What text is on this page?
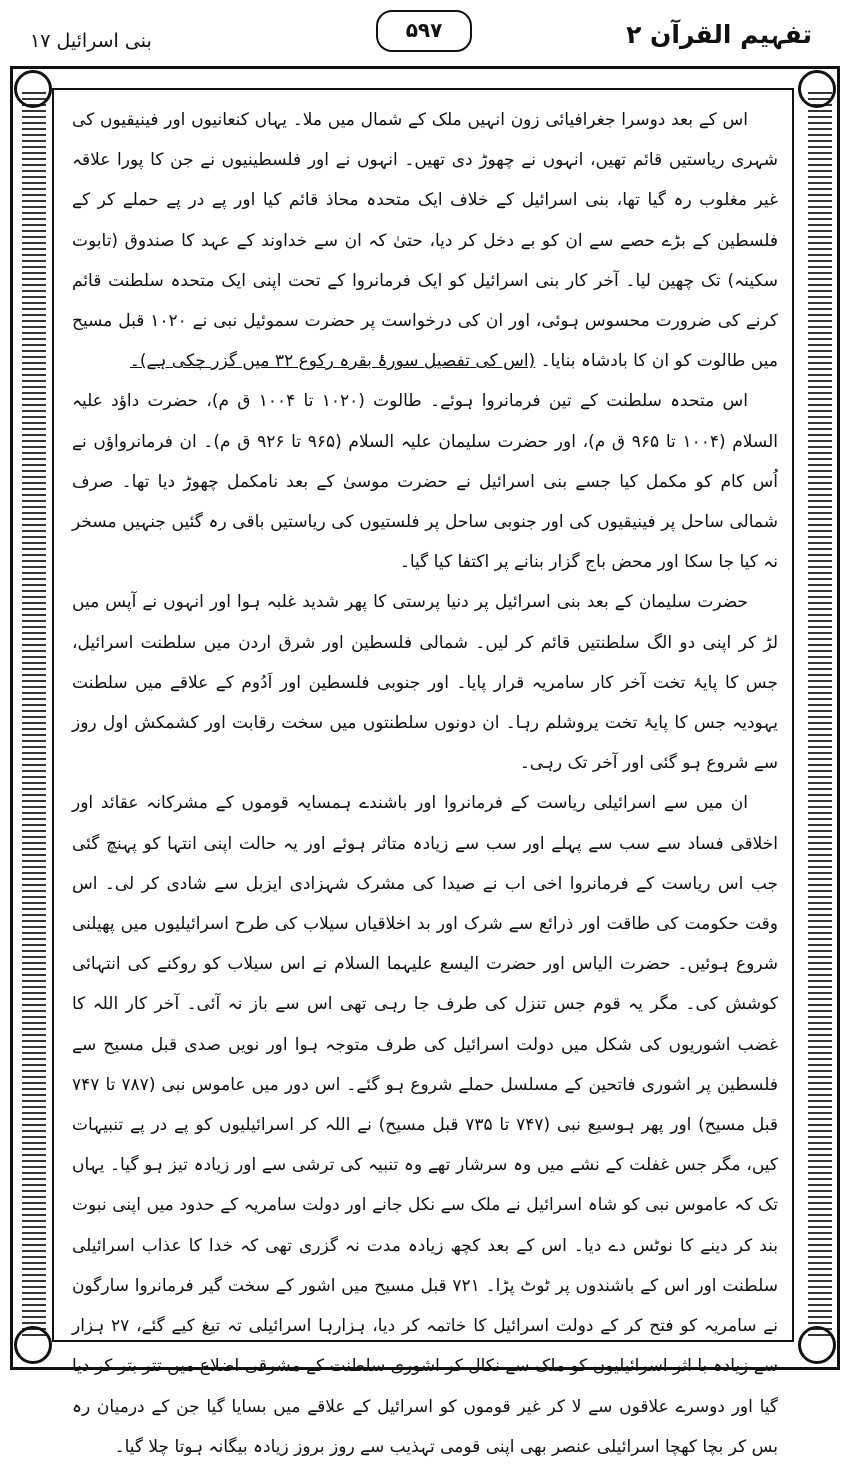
بنی اسرائیل ۱۷	۵۹۷	تفہیم القرآن ۲

اس کے بعد دوسرا جغرافیائی زون انہیں ملک کے شمال میں ملا۔ یہاں کنعانیوں اور فینیقیوں کی شہری ریاستیں قائم تھیں، انہوں نے چھوڑ دی تھیں۔ انہوں نے اور فلسطینیوں نے جن کا پورا علاقہ غیر مغلوب رہ گیا تھا، بنی اسرائیل کے خلاف ایک متحدہ محاذ قائم کیا اور پے در پے حملے کر کے فلسطین کے بڑے حصے سے ان کو بے دخل کر دیا، حتیٰ کہ ان سے خداوند کے عہد کا صندوق (تابوت سکینہ) تک چھین لیا۔ آخر کار بنی اسرائیل کو ایک فرمانروا کے تحت اپنی ایک متحدہ سلطنت قائم کرنے کی ضرورت محسوس ہوئی، اور ان کی درخواست پر حضرت سموئیل نبی نے ۱۰۲۰ قبل مسیح میں طالوت کو ان کا بادشاہ بنایا۔ (اس کی تفصیل سورۂ بقرہ رکوع ۳۲ میں گزر چکی ہے)۔

اس متحدہ سلطنت کے تین فرمانروا ہوئے۔ طالوت (۱۰۲۰ تا ۱۰۰۴ ق م)، حضرت داؤد علیہ السلام (۱۰۰۴ تا ۹۶۵ ق م)، اور حضرت سلیمان علیہ السلام (۹۶۵ تا ۹۲۶ ق م)۔ ان فرمانرواؤں نے اُس کام کو مکمل کیا جسے بنی اسرائیل نے حضرت موسیٰ کے بعد نامکمل چھوڑ دیا تھا۔ صرف شمالی ساحل پر فینیقیوں کی اور جنوبی ساحل پر فلستیوں کی ریاستیں باقی رہ گئیں جنہیں مسخر نہ کیا جا سکا اور محض باج گزار بنانے پر اکتفا کیا گیا۔

حضرت سلیمان کے بعد بنی اسرائیل پر دنیا پرستی کا پھر شدید غلبہ ہوا اور انہوں نے آپس میں لڑ کر اپنی دو الگ سلطنتیں قائم کر لیں۔ شمالی فلسطین اور شرق اردن میں سلطنت اسرائیل، جس کا پایۂ تخت آخر کار سامریہ قرار پایا۔ اور جنوبی فلسطین اور اَدُوم کے علاقے میں سلطنت یہودیہ جس کا پایۂ تخت یروشلم رہا۔ ان دونوں سلطنتوں میں سخت رقابت اور کشمکش اول روز سے شروع ہو گئی اور آخر تک رہی۔

ان میں سے اسرائیلی ریاست کے فرمانروا اور باشندے ہمسایہ قوموں کے مشرکانہ عقائد اور اخلاقی فساد سے سب سے پہلے اور سب سے زیادہ متاثر ہوئے اور یہ حالت اپنی انتہا کو پہنچ گئی جب اس ریاست کے فرمانروا اخی اب نے صیدا کی مشرک شہزادی ایزبل سے شادی کر لی۔ اس وقت حکومت کی طاقت اور ذرائع سے شرک اور بد اخلاقیاں سیلاب کی طرح اسرائیلیوں میں پھیلنی شروع ہوئیں۔ حضرت الیاس اور حضرت الیسع علیہما السلام نے اس سیلاب کو روکنے کی انتہائی کوشش کی۔ مگر یہ قوم جس تنزل کی طرف جا رہی تھی اس سے باز نہ آئی۔ آخر کار اللہ کا غضب اشوریوں کی شکل میں دولت اسرائیل کی طرف متوجہ ہوا اور نویں صدی قبل مسیح سے فلسطین پر اشوری فاتحین کے مسلسل حملے شروع ہو گئے۔ اس دور میں عاموس نبی (۷۸۷ تا ۷۴۷ قبل مسیح) اور پھر ہوسیع نبی (۷۴۷ تا ۷۳۵ قبل مسیح) نے اللہ کر اسرائیلیوں کو پے در پے تنبیہات کیں، مگر جس غفلت کے نشے میں وہ سرشار تھے وہ تنبیہ کی ترشی سے اور زیادہ تیز ہو گیا۔ یہاں تک کہ عاموس نبی کو شاہ اسرائیل نے ملک سے نکل جانے اور دولت سامریہ کے حدود میں اپنی نبوت بند کر دینے کا نوٹس دے دیا۔ اس کے بعد کچھ زیادہ مدت نہ گزری تھی کہ خدا کا عذاب اسرائیلی سلطنت اور اس کے باشندوں پر ٹوٹ پڑا۔ ۷۲۱ قبل مسیح میں اشور کے سخت گیر فرمانروا سارگون نے سامریہ کو فتح کر کے دولت اسرائیل کا خاتمہ کر دیا، ہزارہا اسرائیلی تہ تیغ کیے گئے، ۲۷ ہزار سے زیادہ با اثر اسرائیلیوں کو ملک سے نکال کر اشوری سلطنت کے مشرقی اضلاع میں تتر بتر کر دیا گیا اور دوسرے علاقوں سے لا کر غیر قوموں کو اسرائیل کے علاقے میں بسایا گیا جن کے درمیان رہ بس کر بچا کھچا اسرائیلی عنصر بھی اپنی قومی تہذیب سے روز بروز زیادہ بیگانہ ہوتا چلا گیا۔
